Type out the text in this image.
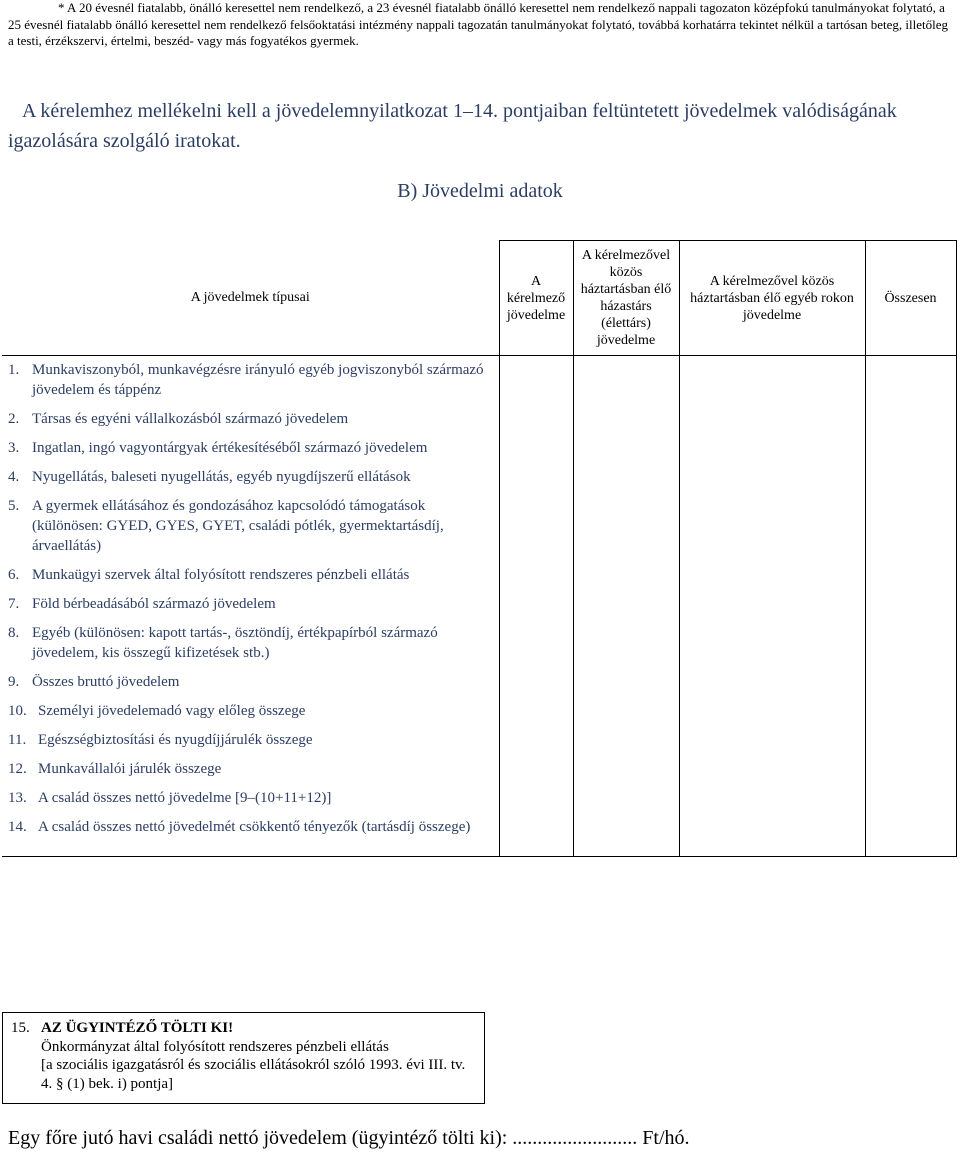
* A 20 évesnél fiatalabb, önálló keresettel nem rendelkező, a 23 évesnél fiatalabb önálló keresettel nem rendelkező nappali tagozaton középfokú tanulmányokat folytató, a 25 évesnél fiatalabb önálló keresettel nem rendelkező felsőoktatási intézmény nappali tagozatán tanulmányokat folytató, továbbá korhatárra tekintet nélkül a tartósan beteg, illetőleg a testi, érzékszervi, értelmi, beszéd- vagy más fogyatékos gyermek.
A kérelemhez mellékelni kell a jövedelemnyilatkozat 1–14. pontjaiban feltüntetett jövedelmek valódiságának igazolására szolgáló iratokat.
B) Jövedelmi adatok
A jövedelmek típusai	A kérelmező jövedelme	A kérelmezővel közös háztartásban élő házastárs (élettárs) jövedelme	A kérelmezővel közös háztartásban élő egyéb rokon jövedelme	Összesen

1. Munkaviszonyból, munkavégzésre irányuló egyéb jogviszonyból származó jövedelem és táppénz				

2. Társas és egyéni vállalkozásból származó jövedelem				

3. Ingatlan, ingó vagyontárgyak értékesítéséből származó jövedelem				

4. Nyugellátás, baleseti nyugellátás, egyéb nyugdíjszerű ellátások				

5. A gyermek ellátásához és gondozásához kapcsolódó támogatások (különösen: GYED, GYES, GYET, családi pótlék, gyermektartásdíj, árvaellátás)				

6. Munkaügyi szervek által folyósított rendszeres pénzbeli ellátás				

7. Föld bérbeadásából származó jövedelem				

8. Egyéb (különösen: kapott tartás-, ösztöndíj, értékpapírból származó jövedelem, kis összegű kifizetések stb.)				

9. Összes bruttó jövedelem				

10. Személyi jövedelemadó vagy előleg összege				

11. Egészségbiztosítási és nyugdíjjárulék összege				

12. Munkavállalói járulék összege				

13. A család összes nettó jövedelme [9–(10+11+12)]				

14. A család összes nettó jövedelmét csökkentő tényezők (tartásdíj összege)				

15. AZ ÜGYINTÉZŐ TÖLTI KI!
Önkormányzat által folyósított rendszeres pénzbeli ellátás
[a szociális igazgatásról és szociális ellátásokról szóló 1993. évi III. tv. 4. § (1) bek. i) pontja]
Egy főre jutó havi családi nettó jövedelem (ügyintéző tölti ki): ......................... Ft/hó.
